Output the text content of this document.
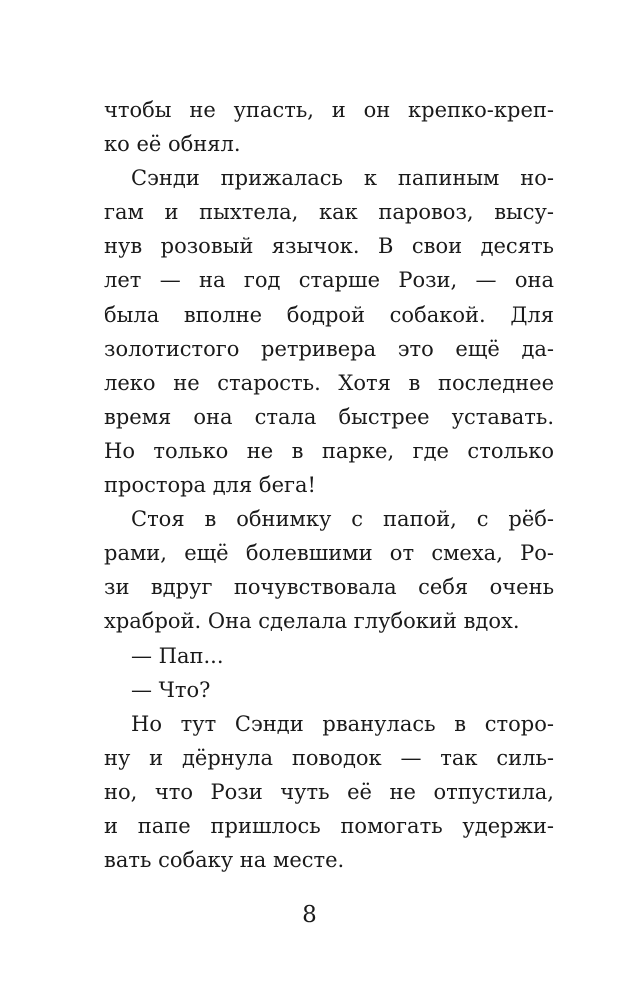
чтобы не упасть, и он крепко-креп-
ко её обнял.
Сэнди прижалась к папиным но-
гам и пыхтела, как паровоз, высу-
нув розовый язычок. В свои десять
лет — на год старше Рози, — она
была вполне бодрой собакой. Для
золотистого ретривера это ещё да-
леко не старость. Хотя в последнее
время она стала быстрее уставать.
Но только не в парке, где столько
простора для бега!
Стоя в обнимку с папой, с рёб-
рами, ещё болевшими от смеха, Ро-
зи вдруг почувствовала себя очень
храброй. Она сделала глубокий вдох.
— Пап...
— Что?
Но тут Сэнди рванулась в сторо-
ну и дёрнула поводок — так силь-
но, что Рози чуть её не отпустила,
и папе пришлось помогать удержи-
вать собаку на месте.
8
